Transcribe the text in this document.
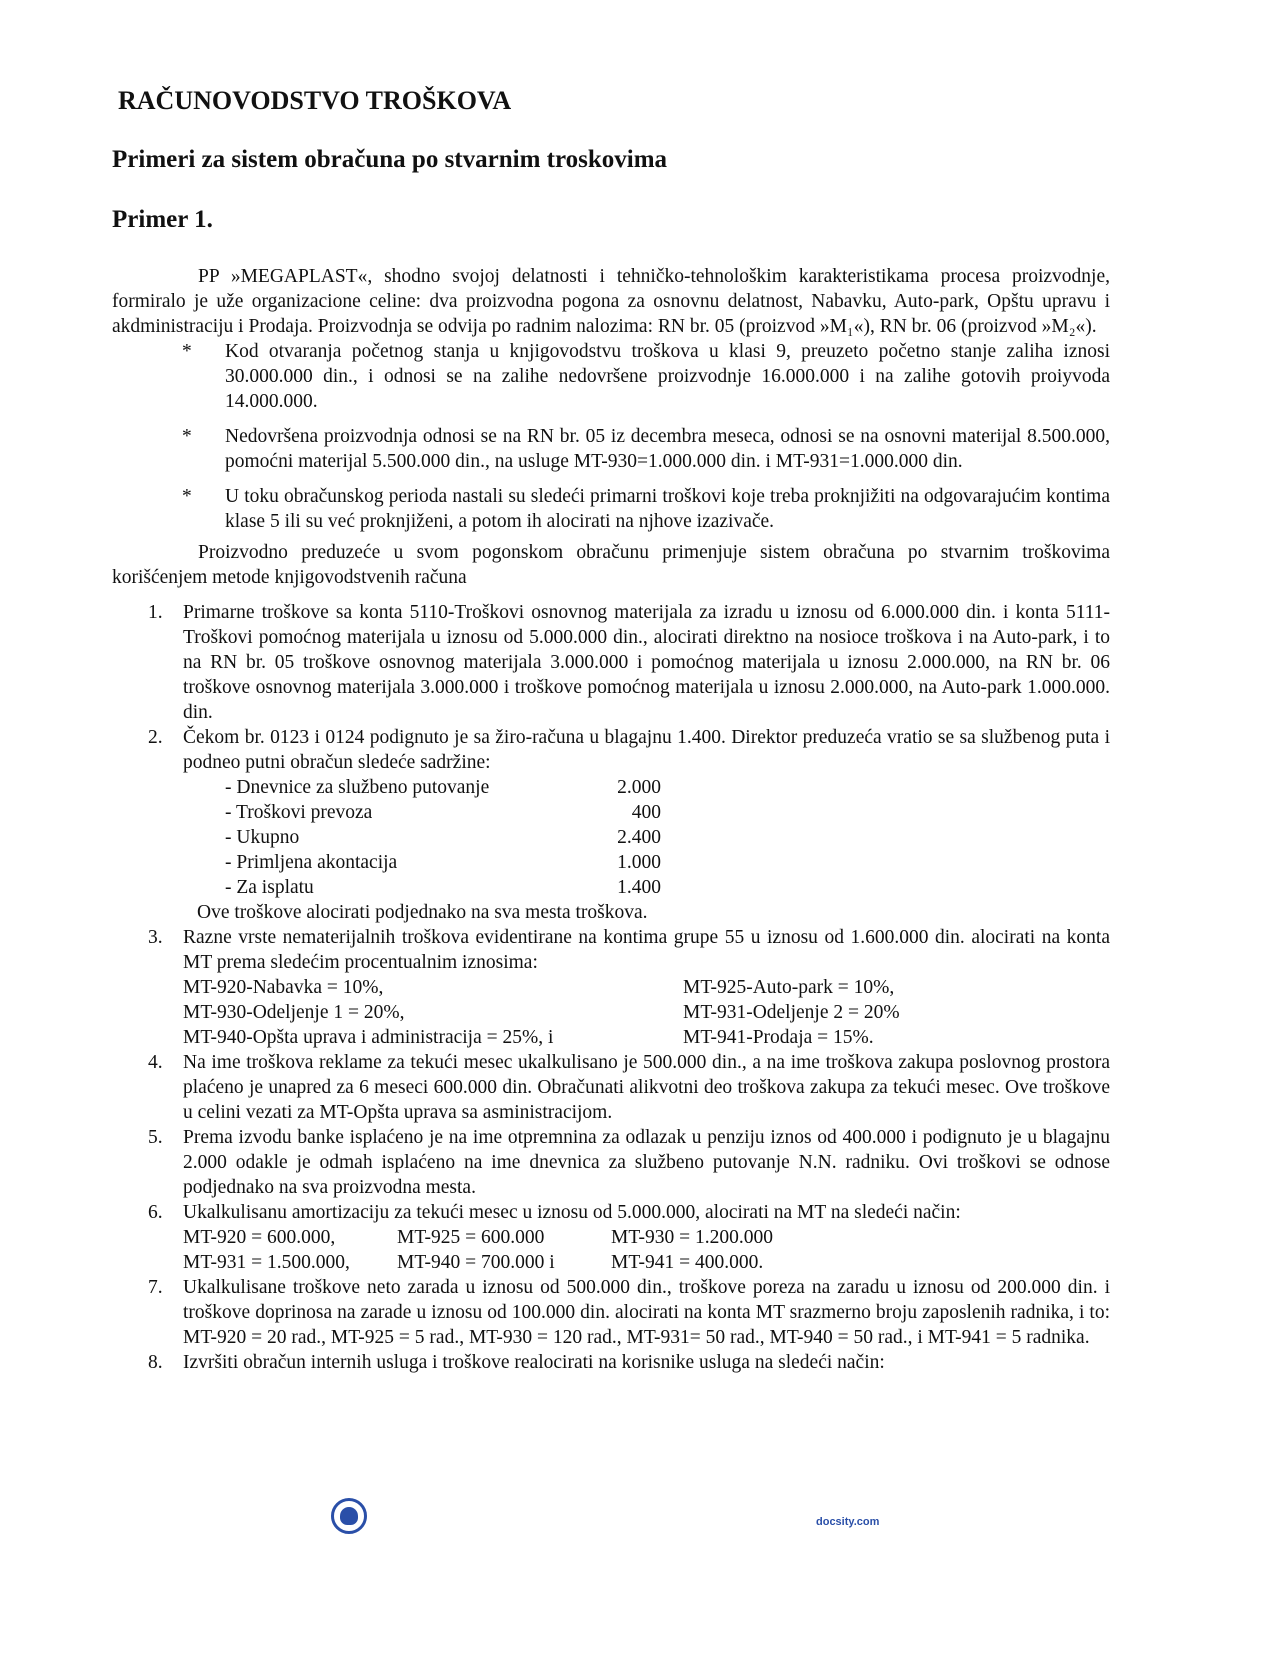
RAČUNOVODSTVO TROŠKOVA
Primeri za sistem obračuna po stvarnim troskovima
Primer 1.

PP »MEGAPLAST«, shodno svojoj delatnosti i tehničko-tehnološkim karakteristikama procesa proizvodnje, formiralo je uže organizacione celine: dva proizvodna pogona za osnovnu delatnost, Nabavku, Auto-park, Opštu upravu i akdministraciju i Prodaja. Proizvodnja se odvija po radnim nalozima: RN br. 05 (proizvod »M₁«), RN br. 06 (proizvod »M₂«).

* Kod otvaranja početnog stanja u knjigovodstvu troškova u klasi 9, preuzeto početno stanje zaliha iznosi 30.000.000 din., i odnosi se na zalihe nedovršene proizvodnje 16.000.000 i na zalihe gotovih proiyvoda 14.000.000.
* Nedovršena proizvodnja odnosi se na RN br. 05 iz decembra meseca, odnosi se na osnovni materijal 8.500.000, pomoćni materijal 5.500.000 din., na usluge MT-930=1.000.000 din. i MT-931=1.000.000 din.
* U toku obračunskog perioda nastali su sledeći primarni troškovi koje treba proknjižiti na odgovarajućim kontima klase 5 ili su već proknjiženi, a potom ih alocirati na njhove izazivače.

Proizvodno preduzeće u svom pogonskom obračunu primenjuje sistem obračuna po stvarnim troškovima korišćenjem metode knjigovodstvenih računa

1. Primarne troškove sa konta 5110-Troškovi osnovnog materijala za izradu u iznosu od 6.000.000 din. i konta 5111-Troškovi pomoćnog materijala u iznosu od 5.000.000 din., alocirati direktno na nosioce troškova i na Auto-park, i to na RN br. 05 troškove osnovnog materijala 3.000.000 i pomoćnog materijala u iznosu 2.000.000, na RN br. 06 troškove osnovnog materijala 3.000.000 i troškove pomoćnog materijala u iznosu 2.000.000, na Auto-park 1.000.000. din.
2. Čekom br. 0123 i 0124 podignuto je sa žiro-računa u blagajnu 1.400. Direktor preduzeća vratio se sa službenog puta i podneo putni obračun sledeće sadržine:
- Dnevnice za službeno putovanje	2.000
- Troškovi prevoza	400
- Ukupno	2.400
- Primljena akontacija	1.000
- Za isplatu	1.400
Ove troškove alocirati podjednako na sva mesta troškova.
3. Razne vrste nematerijalnih troškova evidentirane na kontima grupe 55 u iznosu od 1.600.000 din. alocirati na konta MT prema sledećim procentualnim iznosima:
MT-920-Nabavka = 10%,	MT-925-Auto-park = 10%,
MT-930-Odeljenje 1 = 20%,	MT-931-Odeljenje 2 = 20%
MT-940-Opšta uprava i administracija = 25%, i	MT-941-Prodaja = 15%.
4. Na ime troškova reklame za tekući mesec ukalkulisano je 500.000 din., a na ime troškova zakupa poslovnog prostora plaćeno je unapred za 6 meseci 600.000 din. Obračunati alikvotni deo troškova zakupa za tekući mesec. Ove troškove u celini vezati za MT-Opšta uprava sa asministracijom.
5. Prema izvodu banke isplaćeno je na ime otpremnina za odlazak u penziju iznos od 400.000 i podignuto je u blagajnu 2.000 odakle je odmah isplaćeno na ime dnevnica za službeno putovanje N.N. radniku. Ovi troškovi se odnose podjednako na sva proizvodna mesta.
6. Ukalkulisanu amortizaciju za tekući mesec u iznosu od 5.000.000, alocirati na MT na sledeći način:
MT-920 = 600.000,	MT-925 = 600.000	MT-930 = 1.200.000
MT-931 = 1.500.000,	MT-940 = 700.000 i	MT-941 = 400.000.
7. Ukalkulisane troškove neto zarada u iznosu od 500.000 din., troškove poreza na zaradu u iznosu od 200.000 din. i troškove doprinosa na zarade u iznosu od 100.000 din. alocirati na konta MT srazmerno broju zaposlenih radnika, i to: MT-920 = 20 rad., MT-925 = 5 rad., MT-930 = 120 rad., MT-931= 50 rad., MT-940 = 50 rad., i MT-941 = 5 radnika.
8. Izvršiti obračun internih usluga i troškove realocirati na korisnike usluga na sledeći način:
docsity.com
